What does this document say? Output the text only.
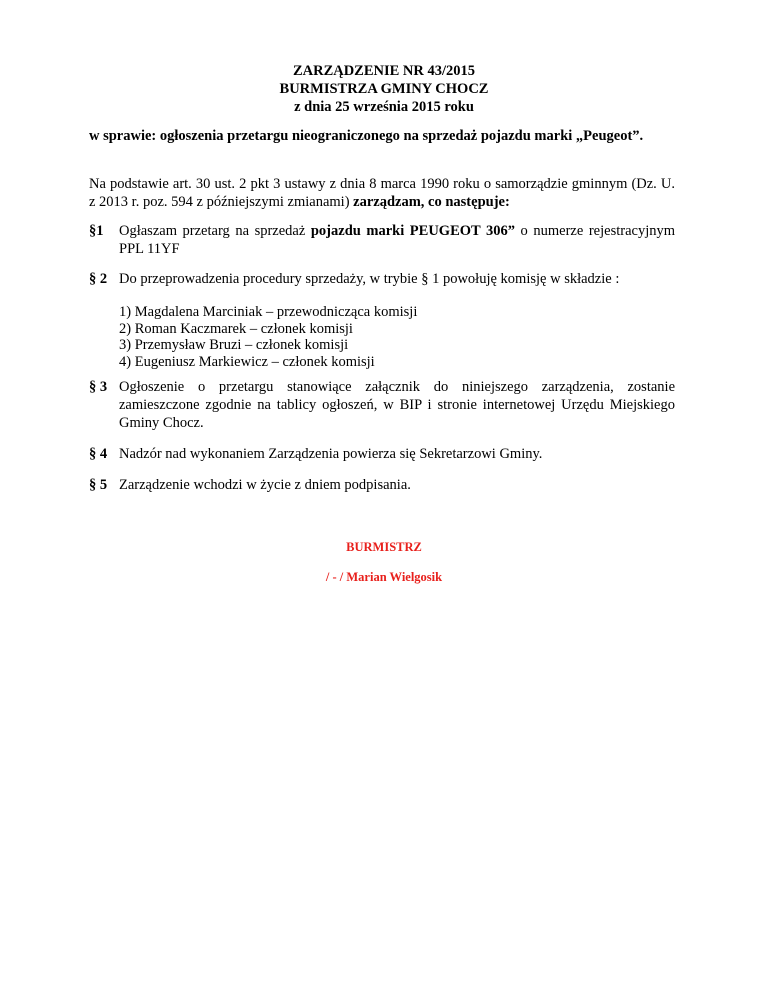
ZARZĄDZENIE NR 43/2015
BURMISTRZA GMINY CHOCZ
z dnia 25 września 2015 roku
w sprawie: ogłoszenia przetargu nieograniczonego na sprzedaż pojazdu marki „Peugeot”.
Na podstawie art. 30 ust. 2 pkt 3 ustawy z dnia 8 marca 1990 roku o samorządzie gminnym (Dz. U. z 2013 r. poz. 594 z późniejszymi zmianami) zarządzam, co następuje:
§1 Ogłaszam przetarg na sprzedaż pojazdu marki PEUGEOT 306” o numerze rejestracyjnym PPL 11YF
§ 2 Do przeprowadzenia procedury sprzedaży, w trybie § 1 powołuję komisję w składzie :
1) Magdalena Marciniak – przewodnicząca komisji
2) Roman Kaczmarek – członek komisji
3) Przemysław Bruzi – członek komisji
4) Eugeniusz Markiewicz – członek komisji
§ 3 Ogłoszenie o przetargu stanowiące załącznik do niniejszego zarządzenia, zostanie zamieszczone zgodnie na tablicy ogłoszeń, w BIP i stronie internetowej Urzędu Miejskiego Gminy Chocz.
§ 4 Nadzór nad wykonaniem Zarządzenia powierza się Sekretarzowi Gminy.
§ 5 Zarządzenie wchodzi w życie z dniem podpisania.
BURMISTRZ
/ - / Marian Wielgosik
